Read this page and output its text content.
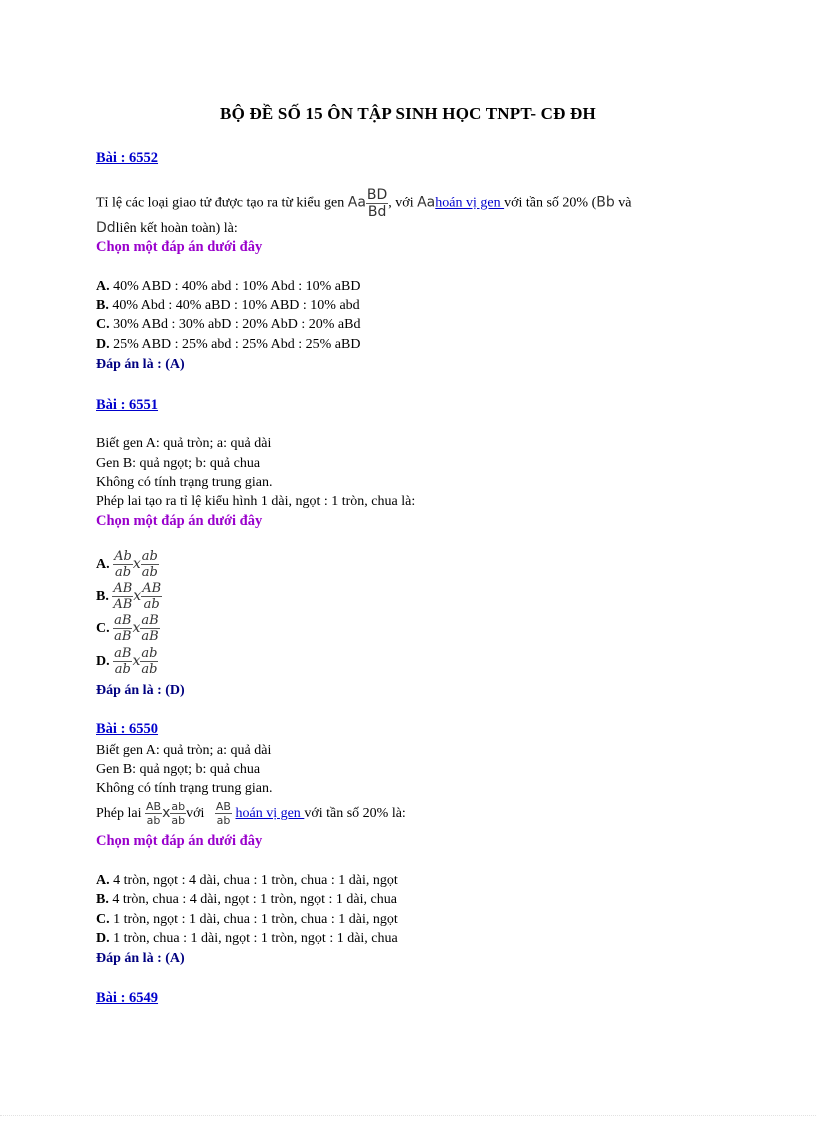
BỘ ĐỀ SỐ 15 ÔN TẬP SINH HỌC TNPT- CĐ ĐH
Bài : 6552
Tỉ lệ các loại giao tử được tạo ra từ kiểu gen Aa $\frac{BD}{Bd}$ , với Aahoán vị gen với tần số 20% (Bb và
Ddliên kết hoàn toàn) là:
Chọn một đáp án dưới đây
A. 40% ABD : 40% abd : 10% Abd : 10% aBD
B. 40% Abd : 40% aBD : 10% ABD : 10% abd
C. 30% ABd : 30% abD : 20% AbD : 20% aBd
D. 25% ABD : 25% abd : 25% Abd : 25% aBD
Đáp án là : (A)
Bài : 6551
Biết gen A: quả tròn; a: quả dài
Gen B: quả ngọt; b: quả chua
Không có tính trạng trung gian.
Phép lai tạo ra tỉ lệ kiểu hình 1 dài, ngọt : 1 tròn, chua là:
Chọn một đáp án dưới đây
A. $\frac{Ab}{ab}$ x $\frac{ab}{ab}$
B. $\frac{AB}{AB}$ x $\frac{AB}{ab}$
C. $\frac{aB}{aB}$ x $\frac{aB}{aB}$
D. $\frac{aB}{ab}$ x $\frac{ab}{ab}$
Đáp án là : (D)
Bài : 6550
Biết gen A: quả tròn; a: quả dài
Gen B: quả ngọt; b: quả chua
Không có tính trạng trung gian.
Phép lai $\frac{AB}{ab}$ x $\frac{ab}{ab}$ với $\frac{AB}{ab}$ hoán vị gen với tần số 20% là:
Chọn một đáp án dưới đây
A. 4 tròn, ngọt : 4 dài, chua : 1 tròn, chua : 1 dài, ngọt
B. 4 tròn, chua : 4 dài, ngọt : 1 tròn, ngọt : 1 dài, chua
C. 1 tròn, ngọt : 1 dài, chua : 1 tròn, chua : 1 dài, ngọt
D. 1 tròn, chua : 1 dài, ngọt : 1 tròn, ngọt : 1 dài, chua
Đáp án là : (A)
Bài : 6549
